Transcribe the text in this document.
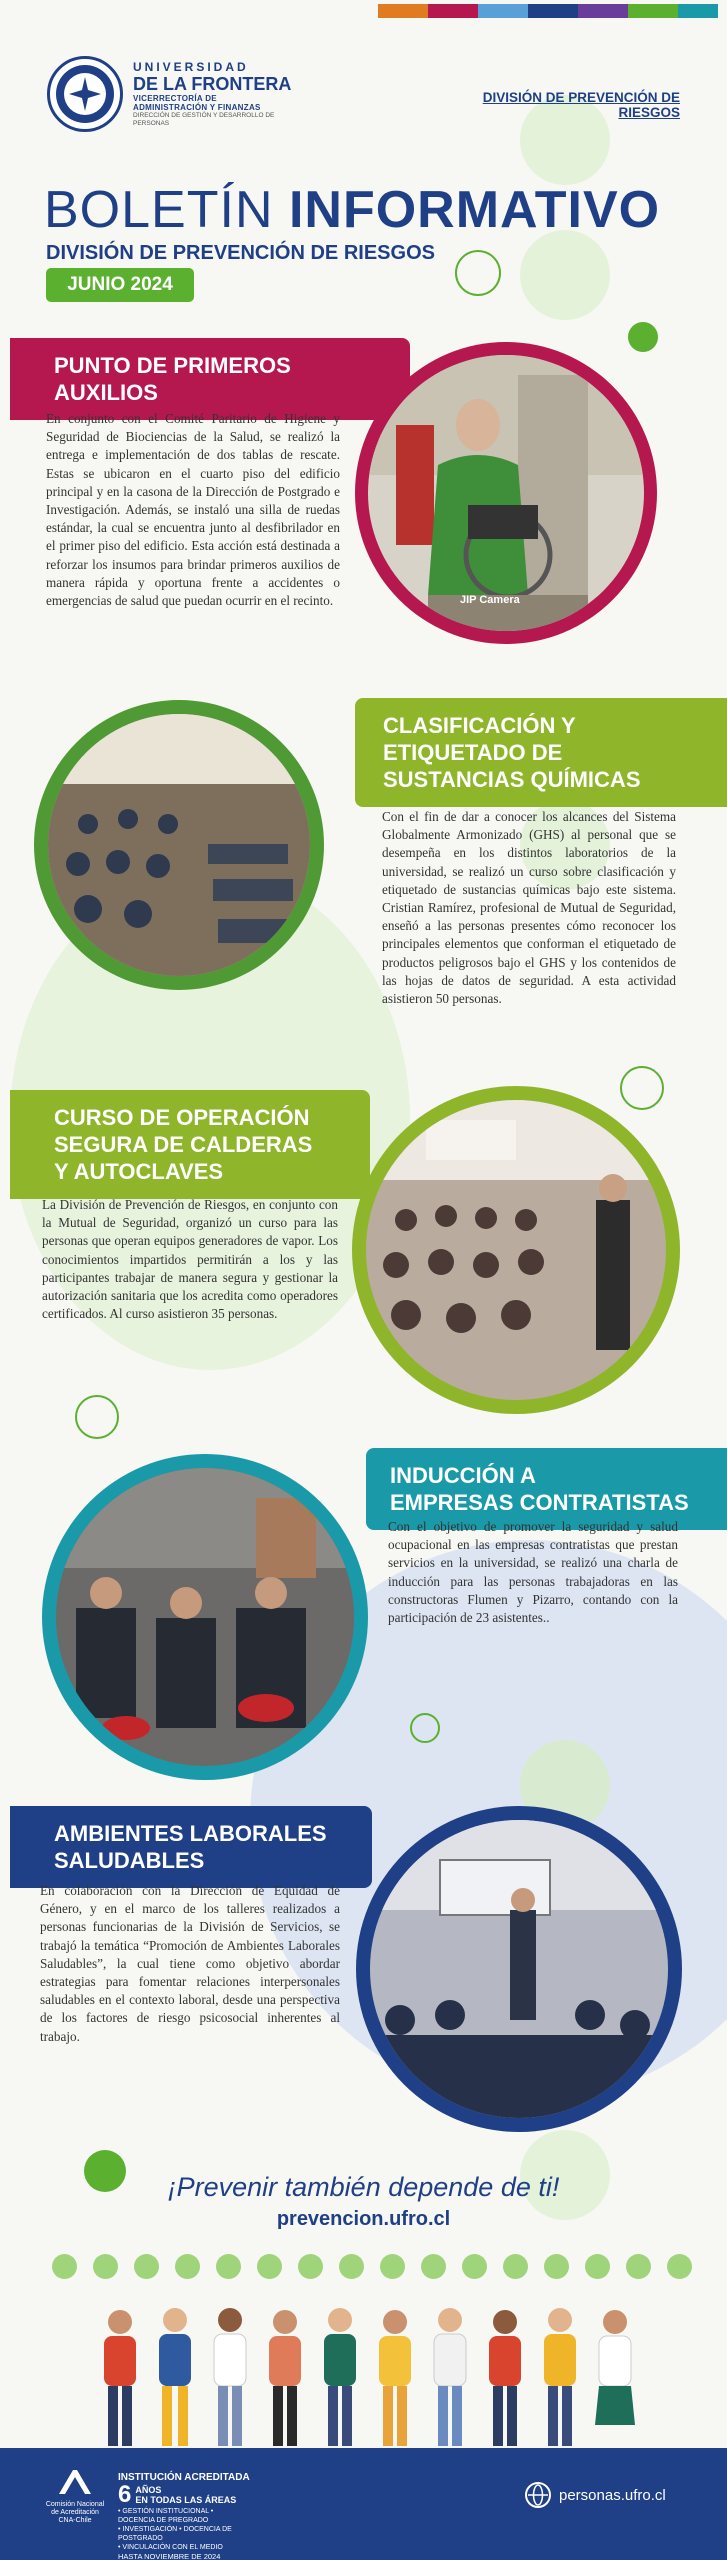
UNIVERSIDAD
DE LA FRONTERA
VICERRECTORÍA DE
ADMINISTRACIÓN Y FINANZAS
DIRECCIÓN DE GESTIÓN Y DESARROLLO DE PERSONAS
DIVISIÓN DE PREVENCIÓN DE RIESGOS
BOLETÍN INFORMATIVO
DIVISIÓN DE PREVENCIÓN DE RIESGOS
JUNIO 2024
PUNTO DE PRIMEROS
AUXILIOS
En conjunto con el Comité Paritario de Higiene y Seguridad de Biociencias de la Salud, se realizó la entrega e implementación de dos tablas de rescate. Estas se ubicaron en el cuarto piso del edificio principal y en la casona de la Dirección de Postgrado e Investigación. Además, se instaló una silla de ruedas estándar, la cual se encuentra junto al desfibrilador en el primer piso del edificio. Esta acción está destinada a reforzar los insumos para brindar primeros auxilios de manera rápida y oportuna frente a accidentes o emergencias de salud que puedan ocurrir en el recinto.	JIP Camera
CLASIFICACIÓN Y
ETIQUETADO DE
SUSTANCIAS QUÍMICAS
Con el fin de dar a conocer los alcances del Sistema Globalmente Armonizado (GHS) al personal que se desempeña en los distintos laboratorios de la universidad, se realizó un curso sobre clasificación y etiquetado de sustancias químicas bajo este sistema. Cristian Ramírez, profesional de Mutual de Seguridad, enseñó a las personas presentes cómo reconocer los principales elementos que conforman el etiquetado de productos peligrosos bajo el GHS y los contenidos de las hojas de datos de seguridad. A esta actividad asistieron 50 personas.
CURSO DE OPERACIÓN
SEGURA DE CALDERAS
Y AUTOCLAVES
La División de Prevención de Riesgos, en conjunto con la Mutual de Seguridad, organizó un curso para las personas que operan equipos generadores de vapor. Los conocimientos impartidos permitirán a los y las participantes trabajar de manera segura y gestionar la autorización sanitaria que los acredita como operadores certificados. Al curso asistieron 35 personas.
INDUCCIÓN A
EMPRESAS CONTRATISTAS
Con el objetivo de promover la seguridad y salud ocupacional en las empresas contratistas que prestan servicios en la universidad, se realizó una charla de inducción para las personas trabajadoras en las constructoras Flumen y Pizarro, contando con la participación de 23 asistentes..
AMBIENTES LABORALES
SALUDABLES
En colaboración con la Dirección de Equidad de Género, y en el marco de los talleres realizados a personas funcionarias de la División de Servicios, se trabajó la temática “Promoción de Ambientes Laborales Saludables”, la cual tiene como objetivo abordar estrategias para fomentar relaciones interpersonales saludables en el contexto laboral, desde una perspectiva de los factores de riesgo psicosocial inherentes al trabajo.
¡Prevenir también depende de ti!
prevencion.ufro.cl
Comisión Nacional
de Acreditación
CNA-Chile
INSTITUCIÓN ACREDITADA
6 AÑOS
EN TODAS LAS ÁREAS
• GESTIÓN INSTITUCIONAL • DOCENCIA DE PREGRADO
• INVESTIGACIÓN • DOCENCIA DE POSTGRADO
• VINCULACIÓN CON EL MEDIO
HASTA NOVIEMBRE DE 2024
personas.ufro.cl
